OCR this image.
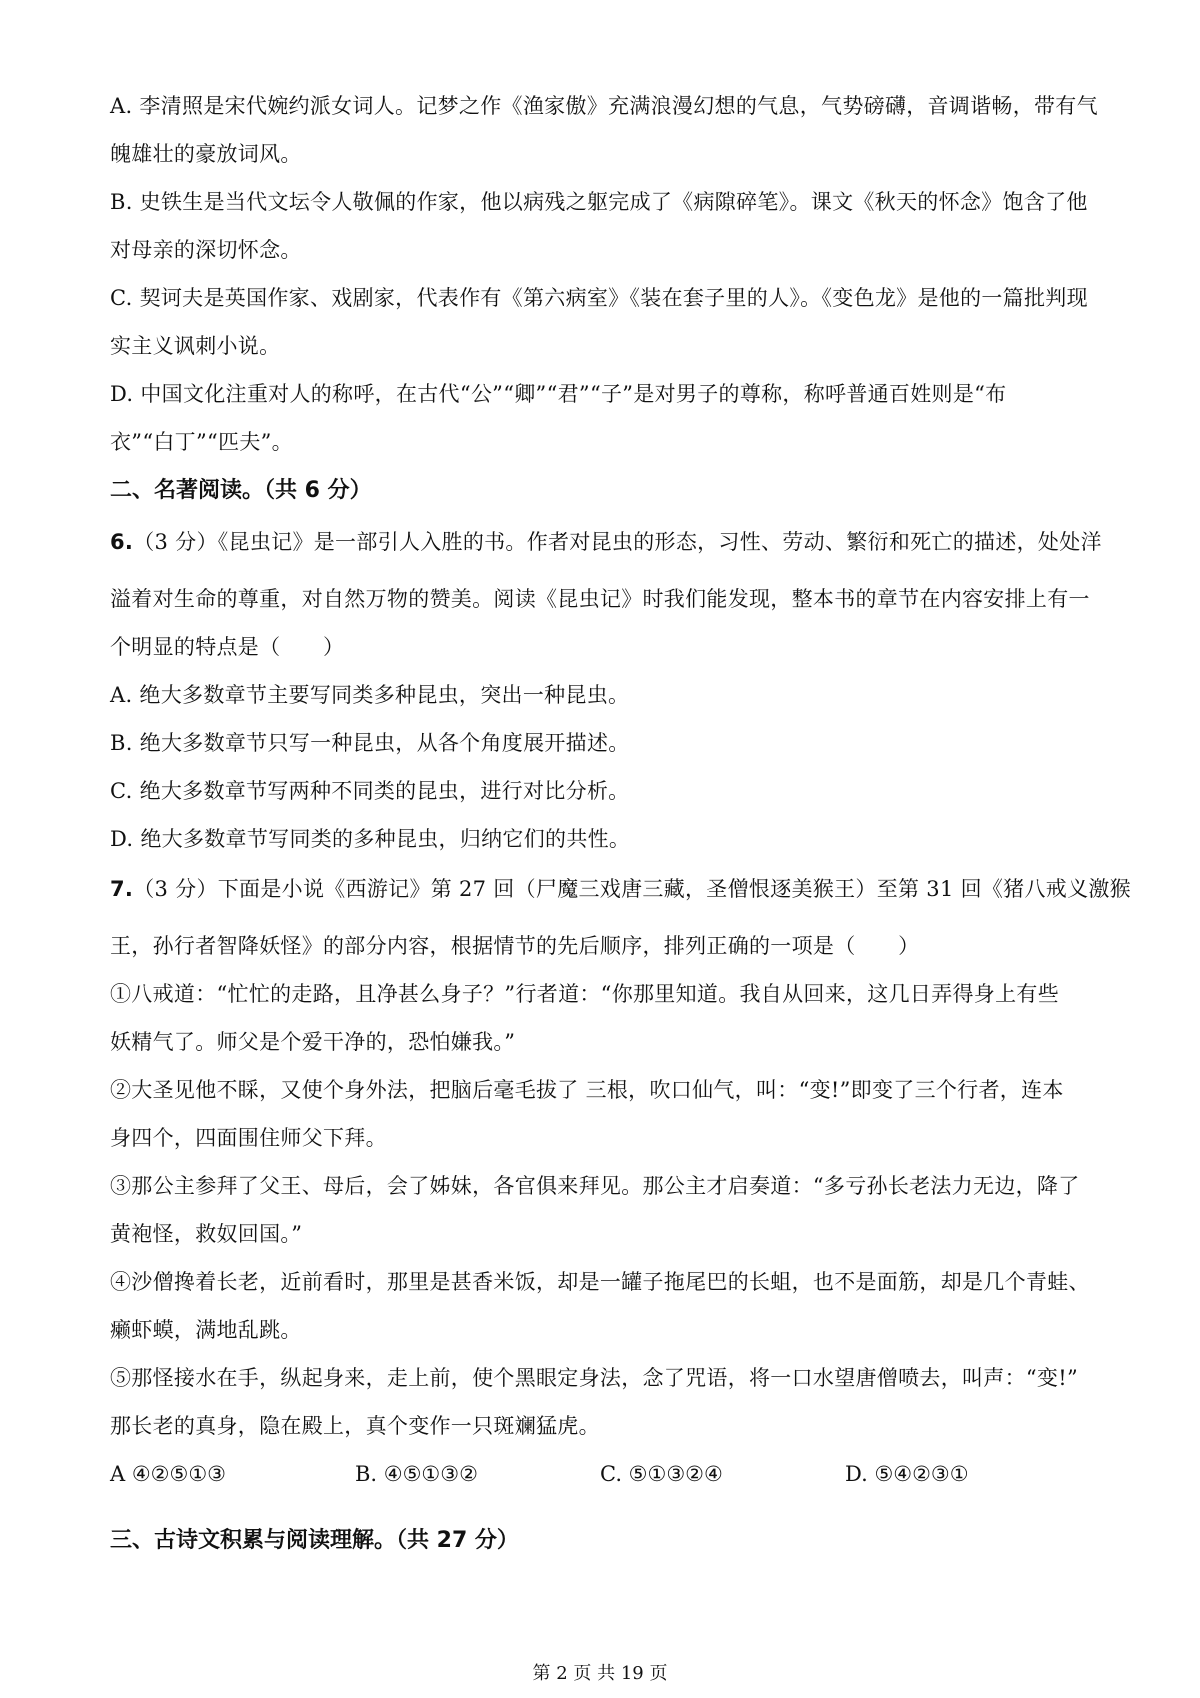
A. 李清照是宋代婉约派女词人。记梦之作《渔家傲》充满浪漫幻想的气息，气势磅礴，音调谐畅，带有气
魄雄壮的豪放词风。
B. 史铁生是当代文坛令人敬佩的作家，他以病残之躯完成了《病隙碎笔》。课文《秋天的怀念》饱含了他
对母亲的深切怀念。
C. 契诃夫是英国作家、戏剧家，代表作有《第六病室》《装在套子里的人》。《变色龙》是他的一篇批判现
实主义讽刺小说。
D. 中国文化注重对人的称呼，在古代“公”“卿”“君”“子”是对男子的尊称，称呼普通百姓则是“布
衣”“白丁”“匹夫”。
二、名著阅读。（共 6 分）
6.（3 分）《昆虫记》是一部引人入胜的书。作者对昆虫的形态，习性、劳动、繁衍和死亡的描述，处处洋
溢着对生命的尊重，对自然万物的赞美。阅读《昆虫记》时我们能发现，整本书的章节在内容安排上有一
个明显的特点是（　　）
A. 绝大多数章节主要写同类多种昆虫，突出一种昆虫。
B. 绝大多数章节只写一种昆虫，从各个角度展开描述。
C. 绝大多数章节写两种不同类的昆虫，进行对比分析。
D. 绝大多数章节写同类的多种昆虫，归纳它们的共性。
7.（3 分）下面是小说《西游记》第 27 回（尸魔三戏唐三藏，圣僧恨逐美猴王）至第 31 回《猪八戒义激猴
王，孙行者智降妖怪》的部分内容，根据情节的先后顺序，排列正确的一项是（　　）
①八戒道：“忙忙的走路，且净甚么身子？”行者道：“你那里知道。我自从回来，这几日弄得身上有些
妖精气了。师父是个爱干净的，恐怕嫌我。”
②大圣见他不睬，又使个身外法，把脑后毫毛拔了 三根，吹口仙气，叫：“变!”即变了三个行者，连本
身四个，四面围住师父下拜。
③那公主参拜了父王、母后，会了姊妹，各官俱来拜见。那公主才启奏道：“多亏孙长老法力无边，降了
黄袍怪，救奴回国。”
④沙僧搀着长老，近前看时，那里是甚香米饭，却是一罐子拖尾巴的长蛆，也不是面筋，却是几个青蛙、
癞虾蟆，满地乱跳。
⑤那怪接水在手，纵起身来，走上前，使个黑眼定身法，念了咒语，将一口水望唐僧喷去，叫声：“变!”
那长老的真身，隐在殿上，真个变作一只斑斓猛虎。
A ④②⑤①③	B. ④⑤①③②	C. ⑤①③②④	D. ⑤④②③①
三、古诗文积累与阅读理解。（共 27 分）
第 2 页 共 19 页
